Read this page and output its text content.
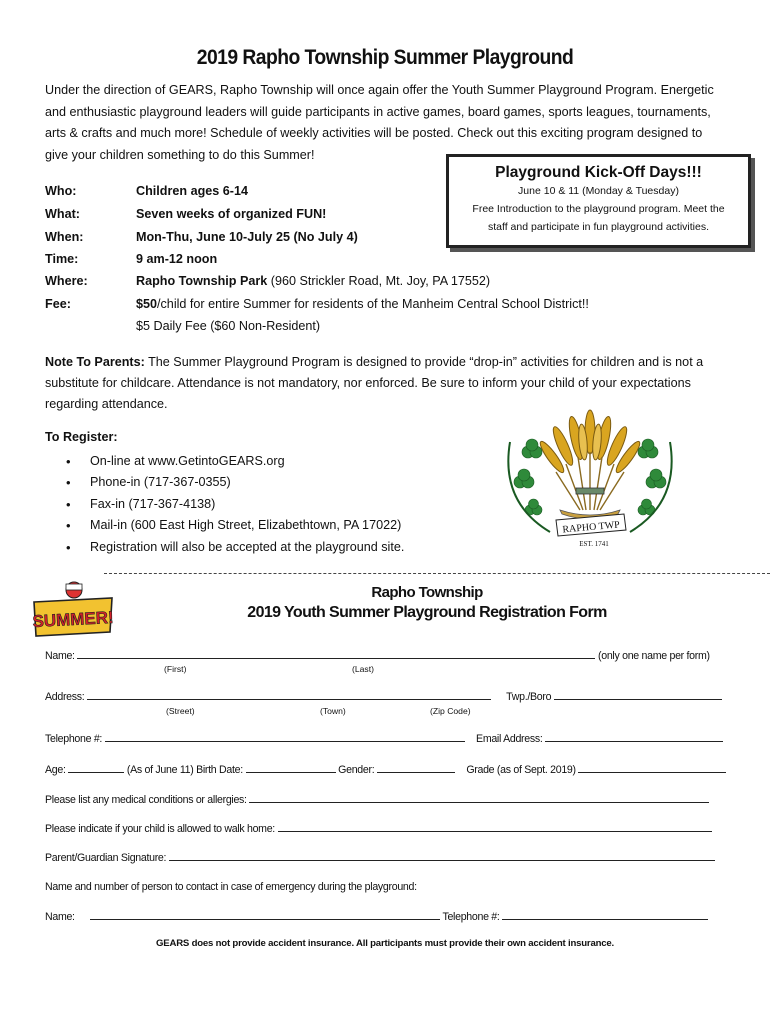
2019 Rapho Township Summer Playground
Under the direction of GEARS, Rapho Township will once again offer the Youth Summer Playground Program. Energetic
and enthusiastic playground leaders will guide participants in active games, board games, sports leagues, tournaments,
arts & crafts and much more! Schedule of weekly activities will be posted. Check out this exciting program designed to
give your children something to do this Summer!
Playground Kick-Off Days!!!
June 10 & 11 (Monday & Tuesday)
Free Introduction to the playground program. Meet the
staff and participate in fun playground activities.
Who:	Children ages 6-14
What:	Seven weeks of organized FUN!
When:	Mon-Thu, June 10-July 25 (No July 4)
Time:	9 am-12 noon
Where:	Rapho Township Park (960 Strickler Road, Mt. Joy, PA 17552)
Fee:	$50/child for entire Summer for residents of the Manheim Central School District!!
$5 Daily Fee ($60 Non-Resident)
Note To Parents: The Summer Playground Program is designed to provide “drop-in” activities for children and is not a
substitute for childcare. Attendance is not mandatory, nor enforced. Be sure to inform your child of your expectations
regarding attendance.
To Register:
• On-line at www.GetintoGEARS.org
• Phone-in (717-367-0355)
• Fax-in (717-367-4138)
• Mail-in (600 East High Street, Elizabethtown, PA 17022)
• Registration will also be accepted at the playground site.
RAPHO TWP
EST. 1741
SUMMER!
Rapho Township
2019 Youth Summer Playground Registration Form
Name:	(only one name per form)
(First)	(Last)
Address:	Twp./Boro
(Street)	(Town)	(Zip Code)
Telephone #:	Email Address:
Age:	(As of June 11) Birth Date:	Gender:	Grade (as of Sept. 2019)
Please list any medical conditions or allergies:
Please indicate if your child is allowed to walk home:
Parent/Guardian Signature:
Name and number of person to contact in case of emergency during the playground:
Name:	Telephone #:
GEARS does not provide accident insurance. All participants must provide their own accident insurance.
